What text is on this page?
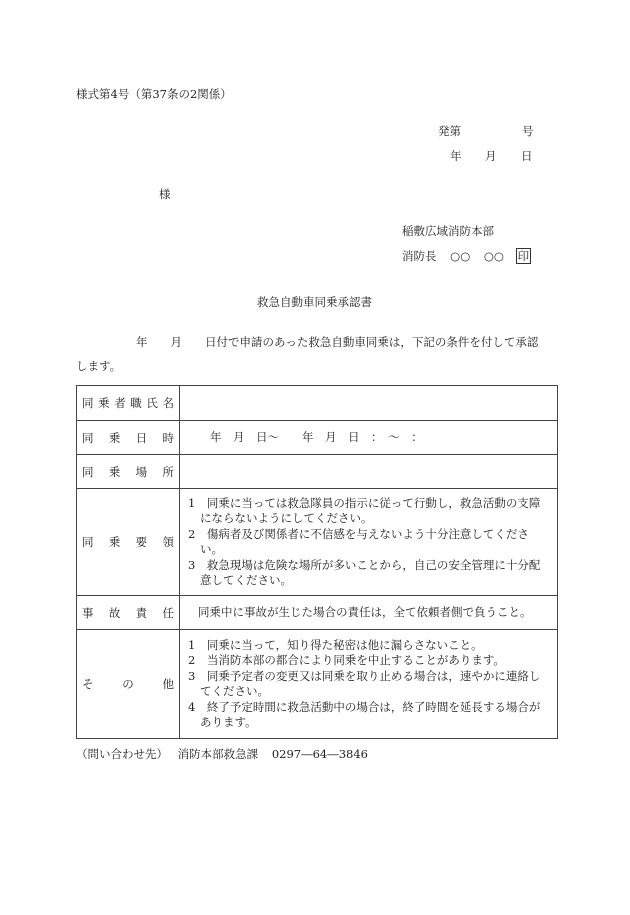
様式第4号（第37条の2関係）
発第	号
年 月 日
様
稲敷広域消防本部
消防長 ○○ ○○ 印
救急自動車同乗承認書
年　　月　　日付で申請のあった救急自動車同乗は，下記の条件を付して承認
します。
同乗者職氏名	
同乗日時	年　月　日～　　年　月　日　：　～　：
同乗場所	
同乗要領	1　同乗に当っては救急隊員の指示に従って行動し，救急活動の支障にならないようにしてください。
2　傷病者及び関係者に不信感を与えないよう十分注意してください。
3　救急現場は危険な場所が多いことから，自己の安全管理に十分配意してください。

事故責任	同乗中に事故が生じた場合の責任は，全て依頼者側で負うこと。
その他	1　同乗に当って，知り得た秘密は他に漏らさないこと。
2　当消防本部の都合により同乗を中止することがあります。
3　同乗予定者の変更又は同乗を取り止める場合は，速やかに連絡してください。
4　終了予定時間に救急活動中の場合は，終了時間を延長する場合があります。
（問い合わせ先） 消防本部救急課 0297―64―3846
